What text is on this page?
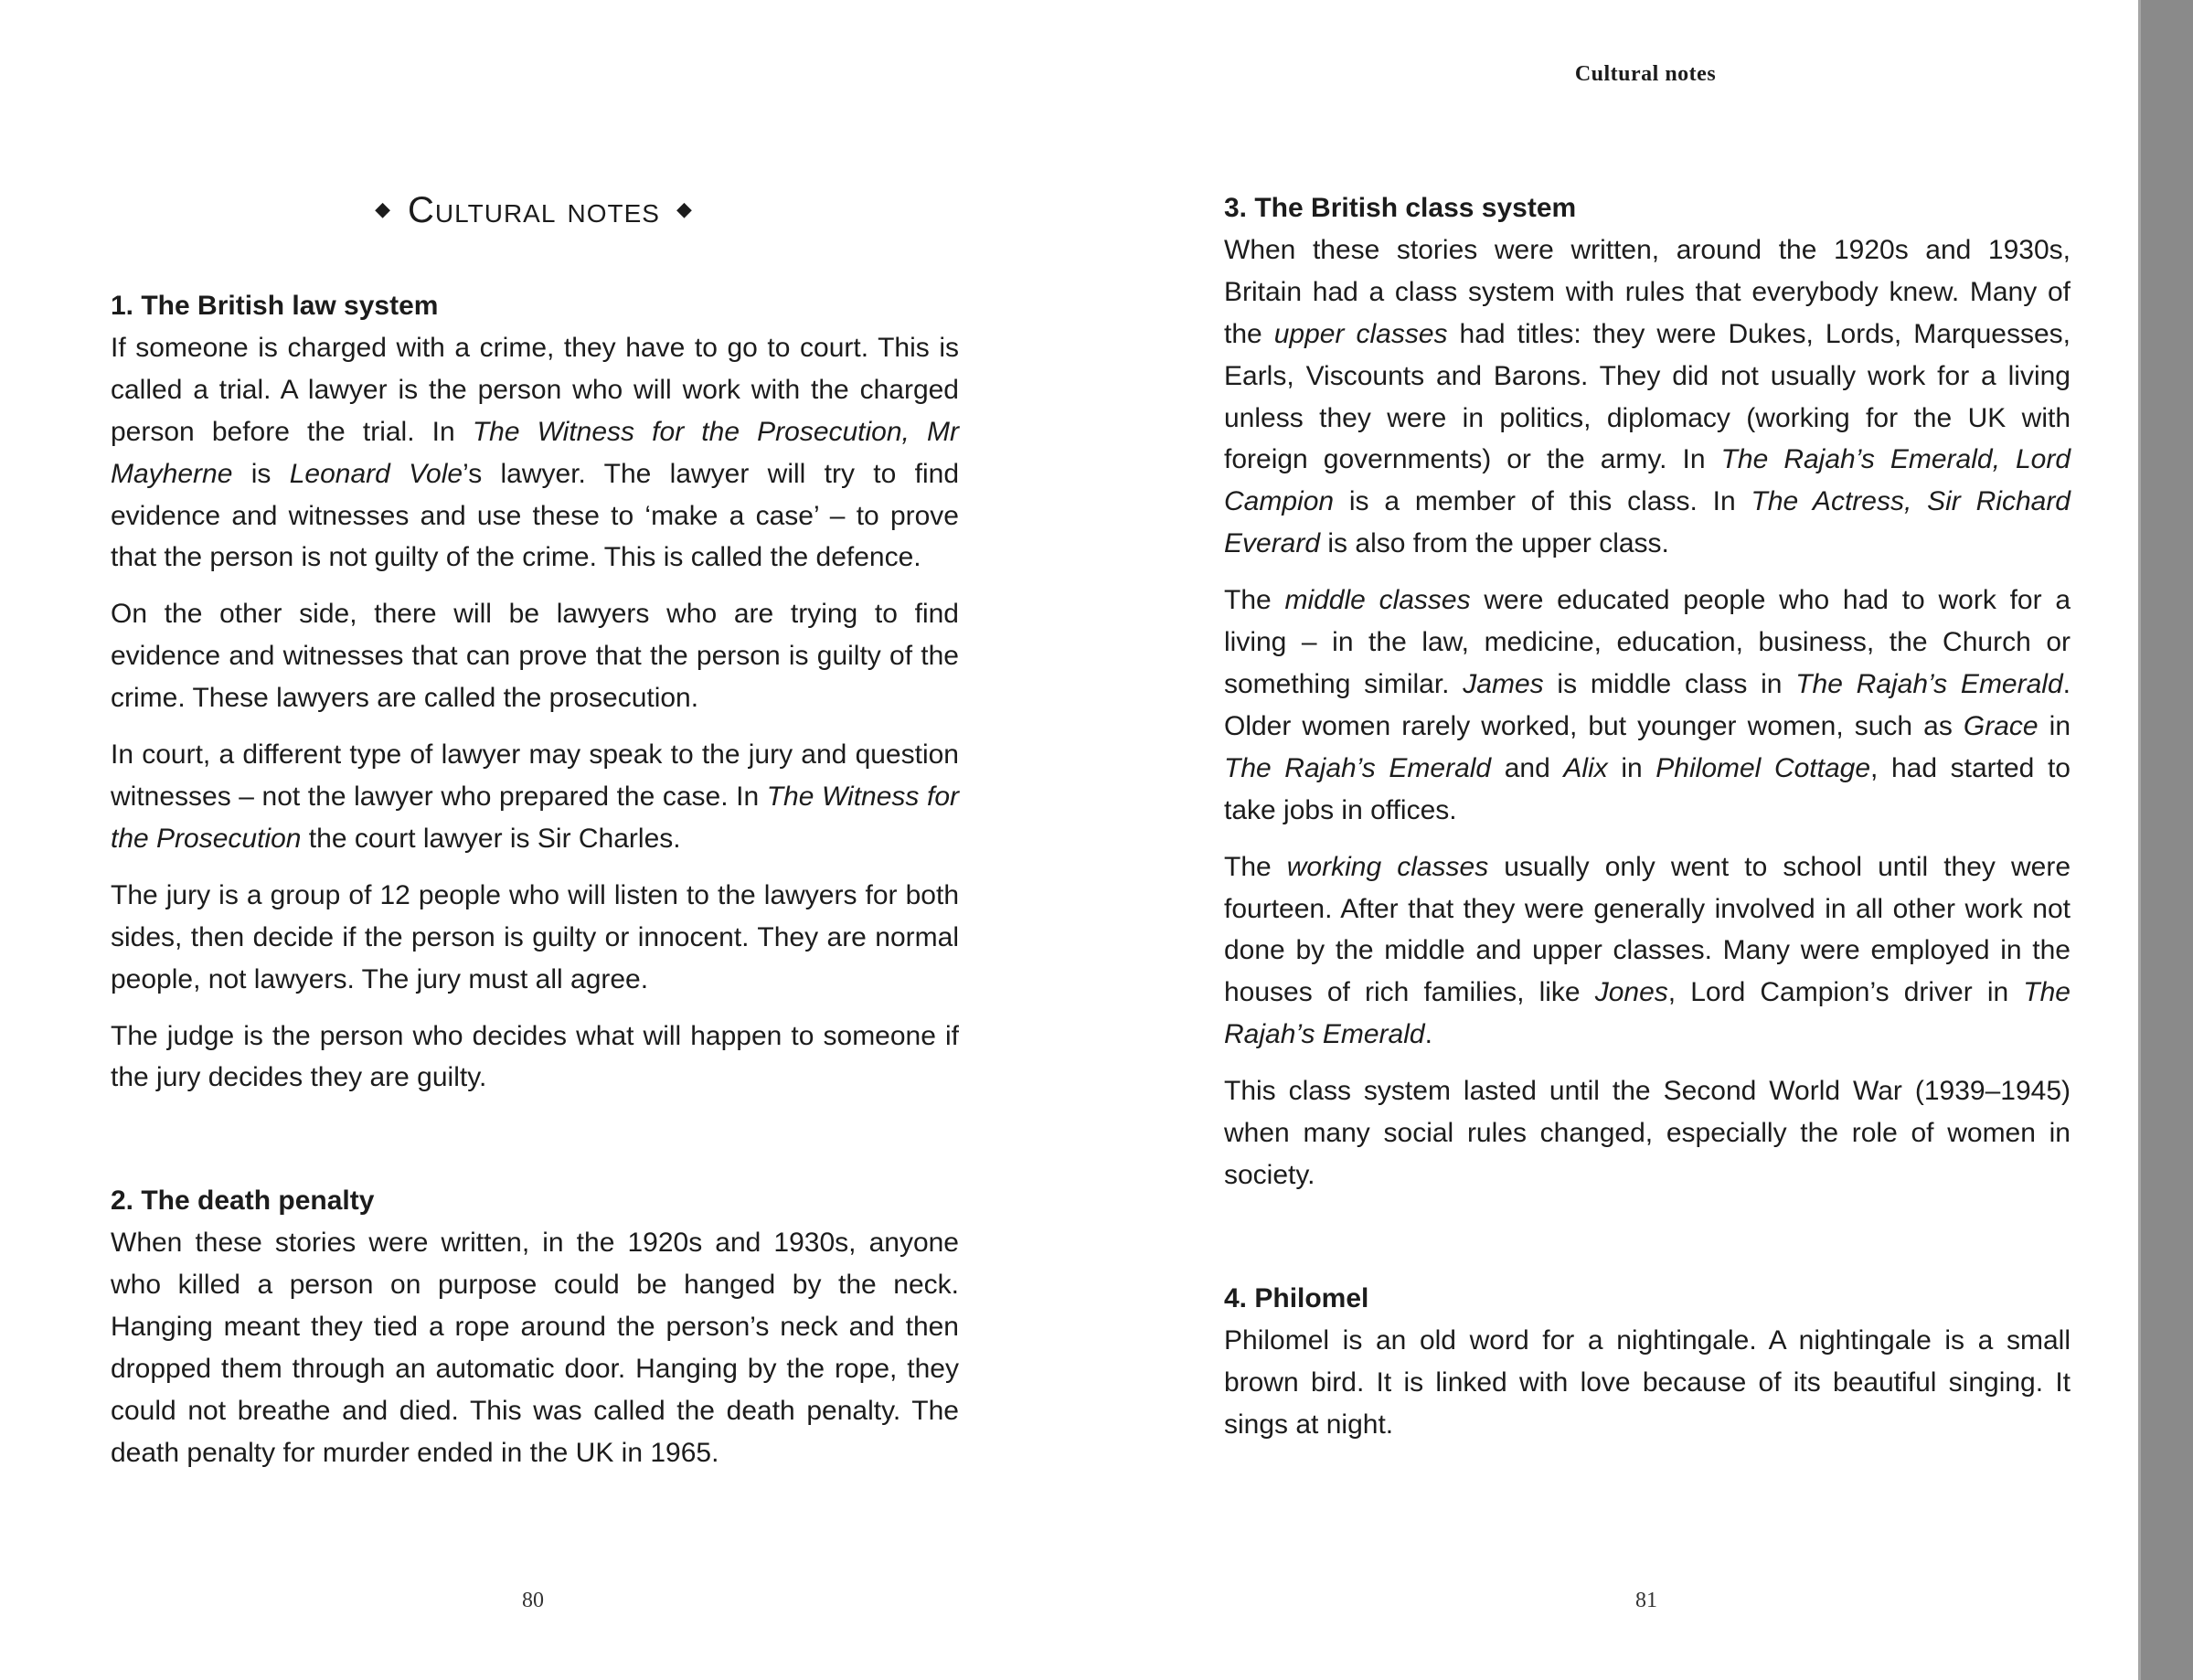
◆ Cultural notes ◆
1. The British law system

If someone is charged with a crime, they have to go to court. This is called a trial. A lawyer is the person who will work with the charged person before the trial. In The Witness for the Prosecution, Mr Mayherne is Leonard Vole’s lawyer. The lawyer will try to find evidence and witnesses and use these to ‘make a case’ – to prove that the person is not guilty of the crime. This is called the defence.

On the other side, there will be lawyers who are trying to find evidence and witnesses that can prove that the person is guilty of the crime. These lawyers are called the prosecution.

In court, a different type of lawyer may speak to the jury and question witnesses – not the lawyer who prepared the case. In The Witness for the Prosecution the court lawyer is Sir Charles.

The jury is a group of 12 people who will listen to the lawyers for both sides, then decide if the person is guilty or innocent. They are normal people, not lawyers. The jury must all agree.

The judge is the person who decides what will happen to someone if the jury decides they are guilty.

2. The death penalty

When these stories were written, in the 1920s and 1930s, anyone who killed a person on purpose could be hanged by the neck. Hanging meant they tied a rope around the person’s neck and then dropped them through an automatic door. Hanging by the rope, they could not breathe and died. This was called the death penalty. The death penalty for murder ended in the UK in 1965.

80
Cultural notes
3. The British class system

When these stories were written, around the 1920s and 1930s, Britain had a class system with rules that everybody knew. Many of the upper classes had titles: they were Dukes, Lords, Marquesses, Earls, Viscounts and Barons. They did not usually work for a living unless they were in politics, diplomacy (working for the UK with foreign governments) or the army. In The Rajah’s Emerald, Lord Campion is a member of this class. In The Actress, Sir Richard Everard is also from the upper class.

The middle classes were educated people who had to work for a living – in the law, medicine, education, business, the Church or something similar. James is middle class in The Rajah’s Emerald. Older women rarely worked, but younger women, such as Grace in The Rajah’s Emerald and Alix in Philomel Cottage, had started to take jobs in offices.

The working classes usually only went to school until they were fourteen. After that they were generally involved in all other work not done by the middle and upper classes. Many were employed in the houses of rich families, like Jones, Lord Campion’s driver in The Rajah’s Emerald.

This class system lasted until the Second World War (1939–1945) when many social rules changed, especially the role of women in society.

4. Philomel

Philomel is an old word for a nightingale. A nightingale is a small brown bird. It is linked with love because of its beautiful singing. It sings at night.

81
